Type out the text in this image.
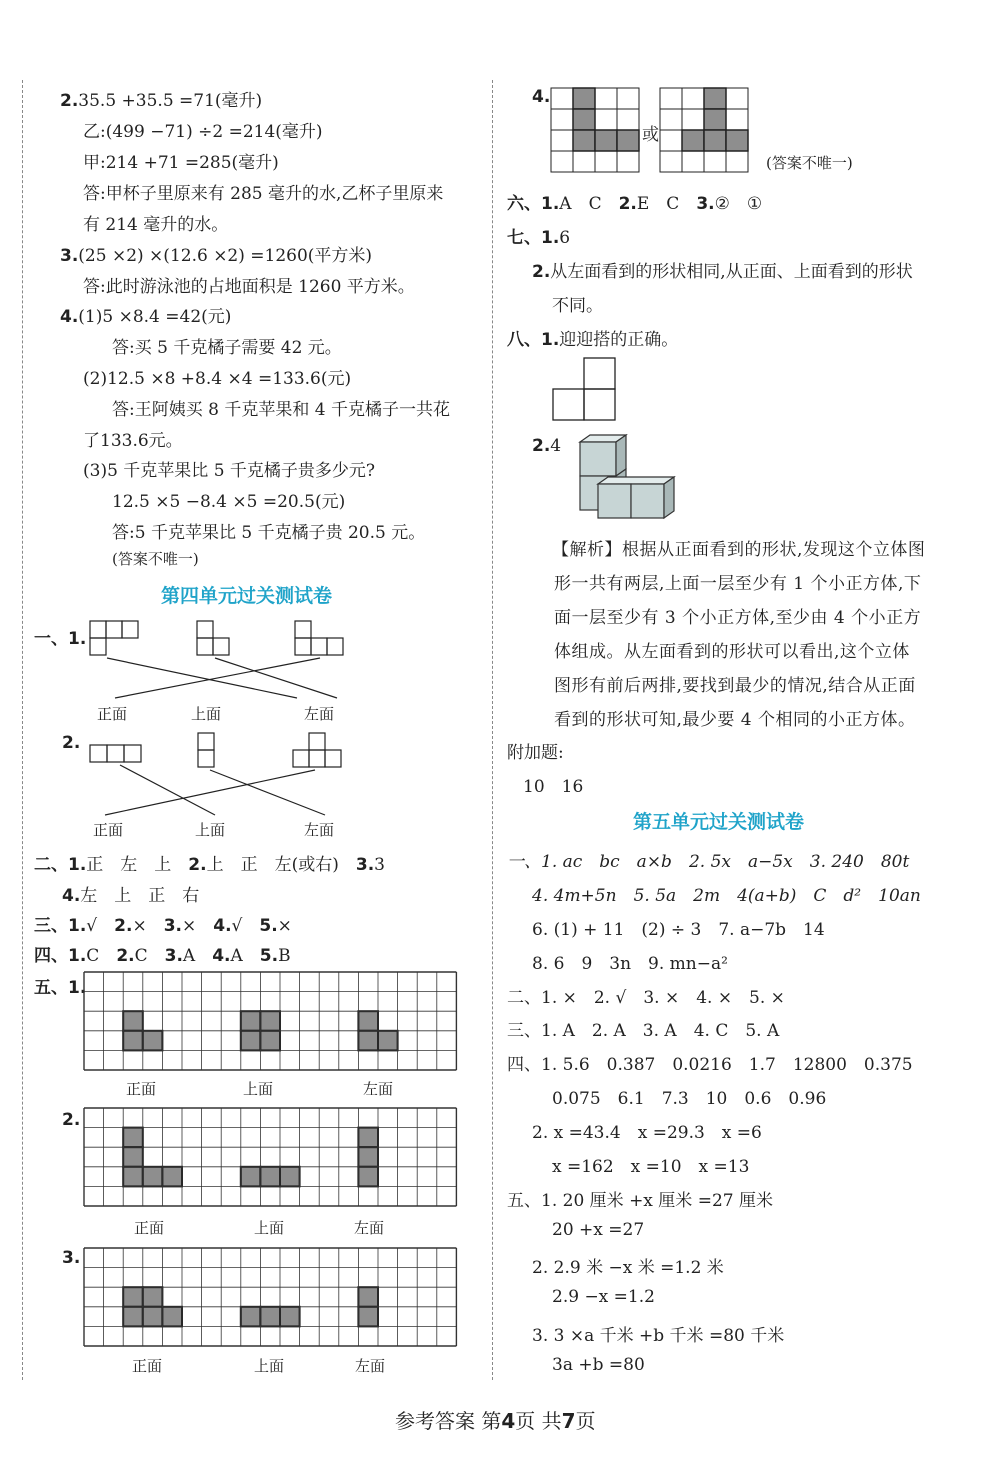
2.35.5 +35.5 =71(毫升)
乙:(499 −71) ÷2 =214(毫升)
甲:214 +71 =285(毫升)
答:甲杯子里原来有 285 毫升的水,乙杯子里原来
有 214 毫升的水。
3.(25 ×2) ×(12.6 ×2) =1260(平方米)
答:此时游泳池的占地面积是 1260 平方米。
4.(1)5 ×8.4 =42(元)
答:买 5 千克橘子需要 42 元。
(2)12.5 ×8 +8.4 ×4 =133.6(元)
答:王阿姨买 8 千克苹果和 4 千克橘子一共花
了133.6元。
(3)5 千克苹果比 5 千克橘子贵多少元?
12.5 ×5 −8.4 ×5 =20.5(元)
答:5 千克苹果比 5 千克橘子贵 20.5 元。
(答案不唯一)
第四单元过关测试卷
一、1.
正面	上面	左面
2.
正面	上面	左面
二、1.正　左　上　 2.上　正　左(或右)　 3.3
4.左　上　正　右
三、1.√　 2.×　 3.×　 4.√　 5.×
四、1.C　 2.C　 3.A　 4.A　 5.B
五、1.
正面	上面	左面
2.
正面	上面	左面
3.
正面	上面	左面
4.
或
(答案不唯一)
六、1.A　C　 2.E　C　 3.②　①
七、1.6
2.从左面看到的形状相同,从正面、上面看到的形状
不同。
八、1.迎迎搭的正确。
2.4
【解析】根据从正面看到的形状,发现这个立体图
形一共有两层,上面一层至少有 1 个小正方体,下
面一层至少有 3 个小正方体,至少由 4 个小正方
体组成。从左面看到的形状可以看出,这个立体
图形有前后两排,要找到最少的情况,结合从正面
看到的形状可知,最少要 4 个相同的小正方体。
附加题:
10　16
第五单元过关测试卷
一、1. ac　bc　a×b　2. 5x　a−5x　3. 240　80t
4. 4m+5n　5. 5a　2m　4(a+b)　C　d²　10an
6. (1) + 11　(2) ÷ 3　7. a−7b　14
8. 6　9　3n　9. mn−a²
二、1. ×　2. √　3. ×　4. ×　5. ×
三、1. A　2. A　3. A　4. C　5. A
四、1. 5.6　0.387　0.0216　1.7　12800　0.375
0.075　6.1　7.3　10　0.6　0.96
2. x =43.4　x =29.3　x =6
x =162　x =10　x =13
五、1. 20 厘米 +x 厘米 =27 厘米
20 +x =27
2. 2.9 米 −x 米 =1.2 米
2.9 −x =1.2
3. 3 ×a 千米 +b 千米 =80 千米
3a +b =80
参考答案 第4页 共7页
